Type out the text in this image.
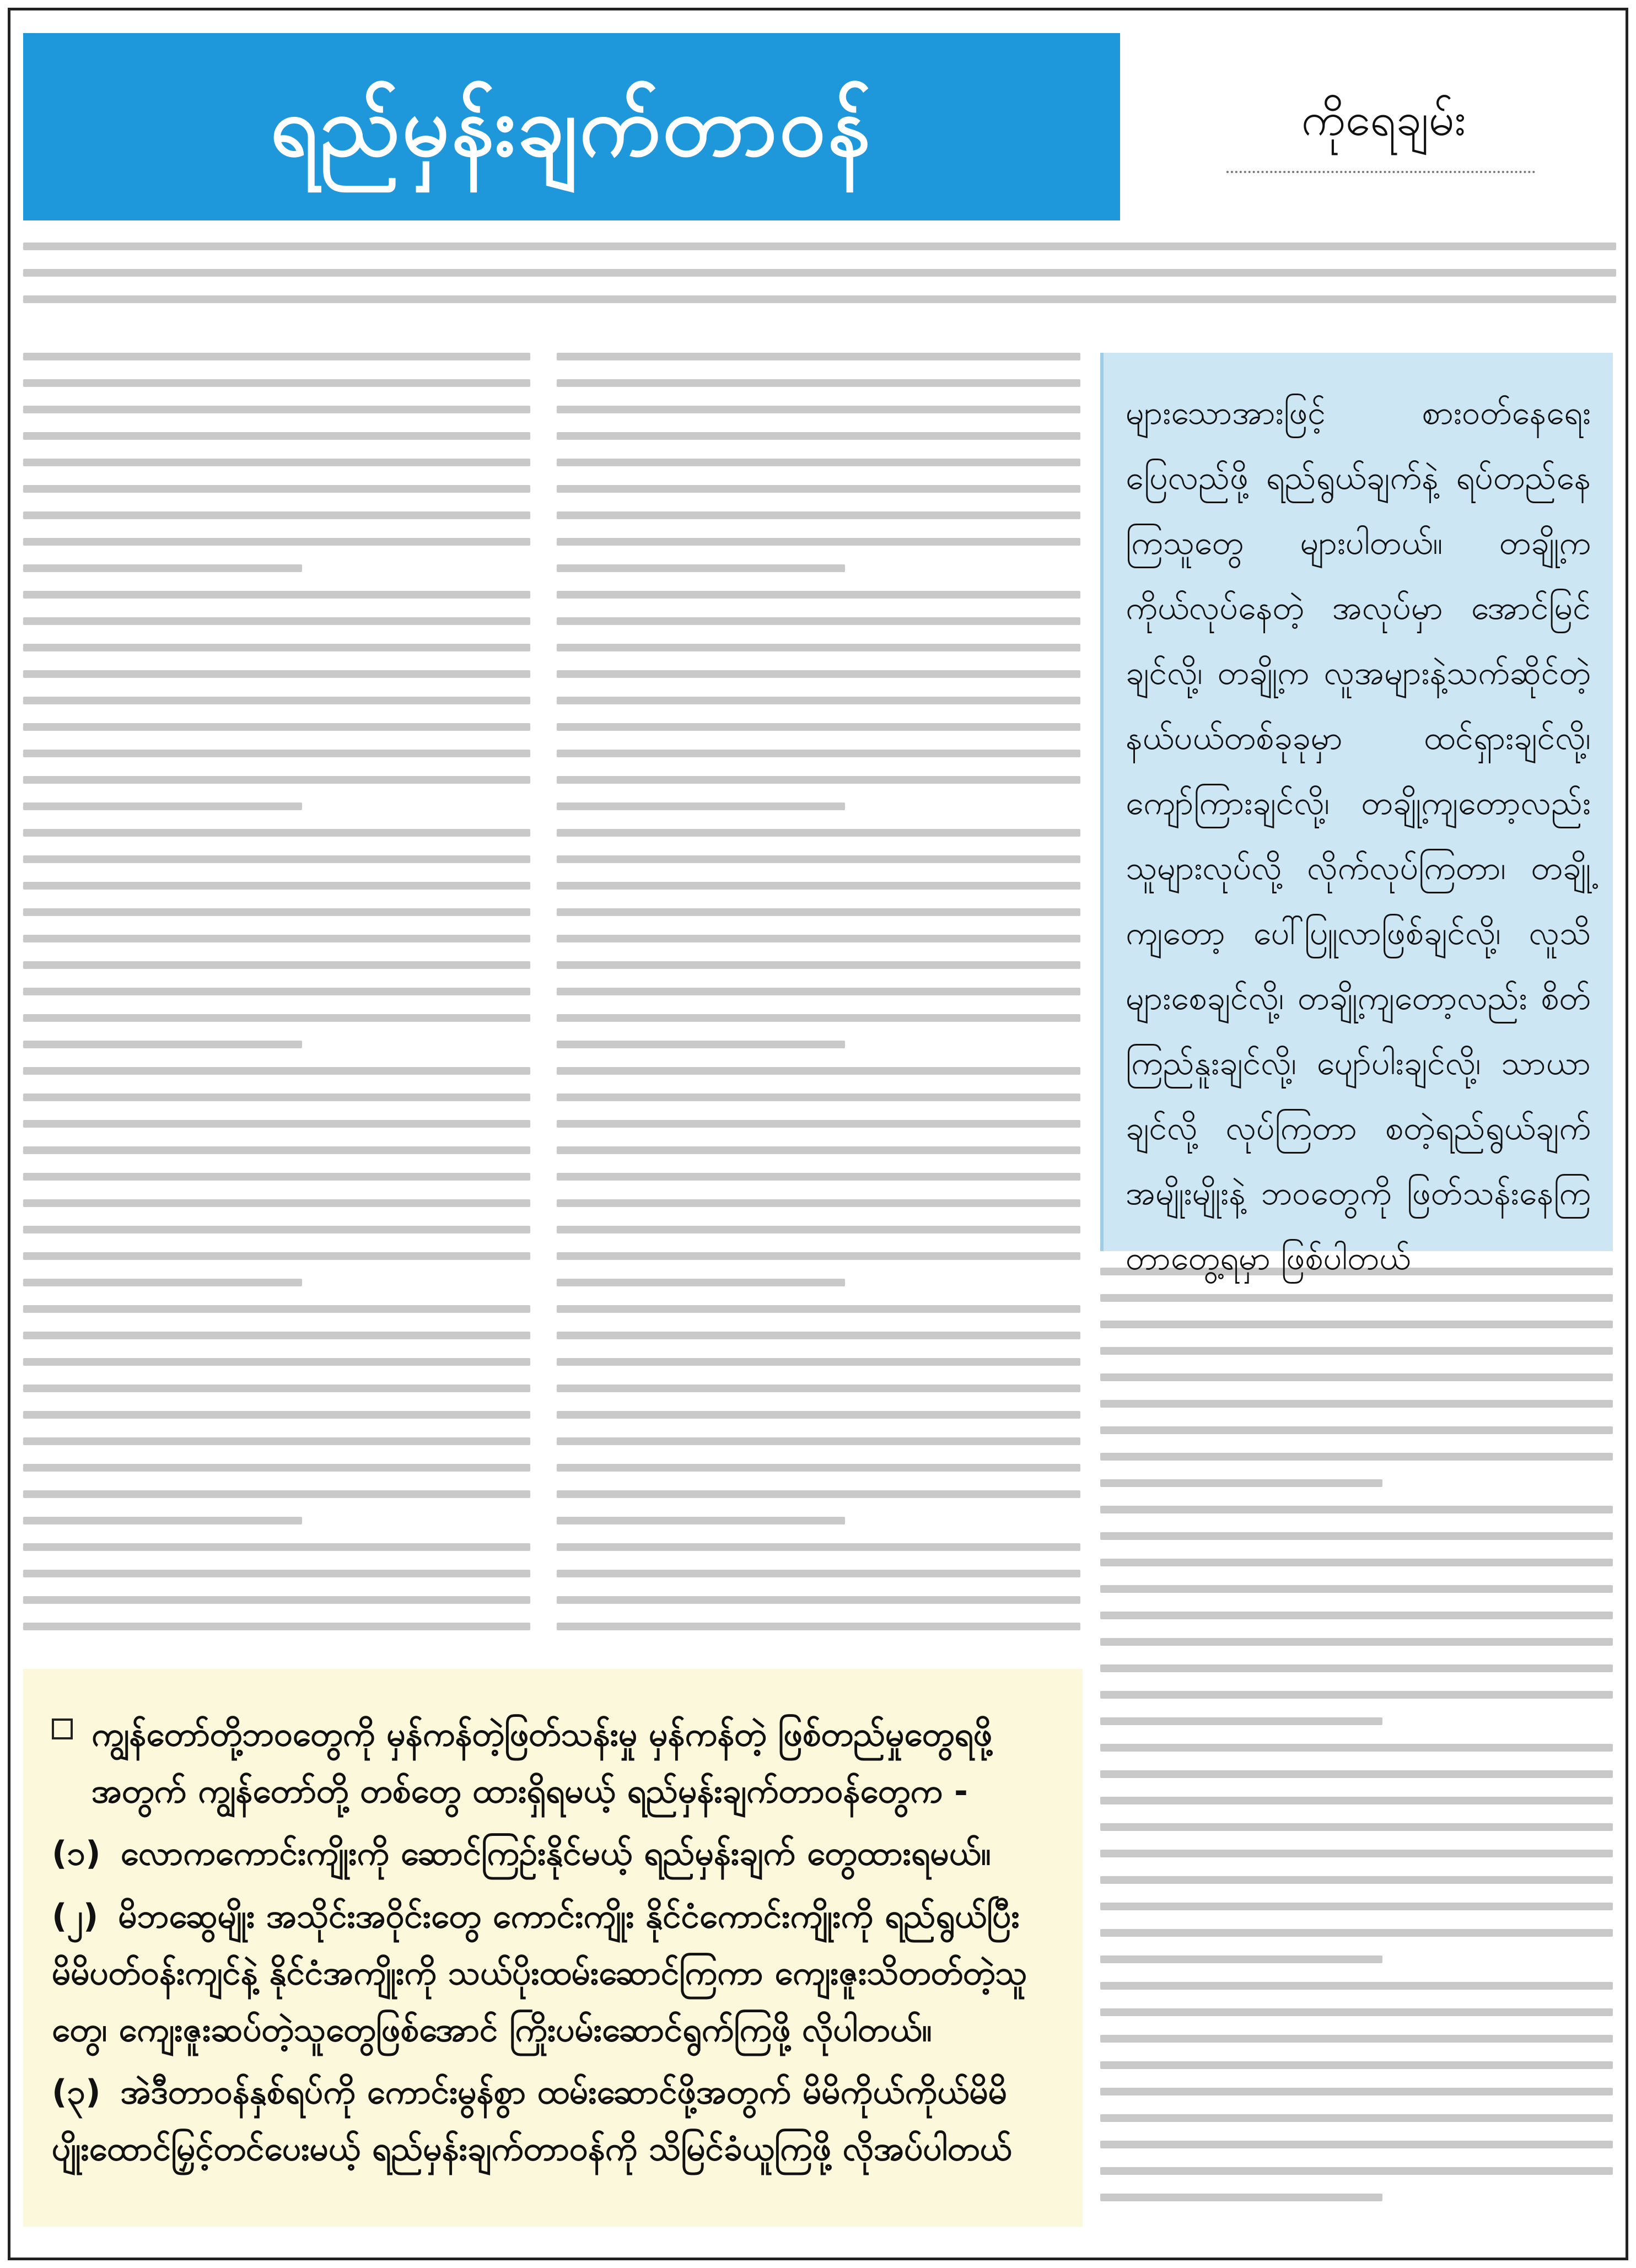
ရည်မှန်းချက်တာဝန်	ကိုရေချမ်း
များသောအားဖြင့် စားဝတ်နေရေးပြေလည်ဖို့ ရည်ရွယ်ချက်နဲ့ ရပ်တည်နေကြသူတွေ များပါတယ်။ တချို့က ကိုယ်လုပ်နေတဲ့ အလုပ်မှာ အောင်မြင်ချင်လို့၊ တချို့က လူအများနဲ့သက်ဆိုင်တဲ့ နယ်ပယ်တစ်ခုခုမှာ ထင်ရှားချင်လို့၊ ကျော်ကြားချင်လို့၊ တချို့ကျတော့လည်း သူများလုပ်လို့ လိုက်လုပ်ကြတာ၊ တချို့ကျတော့ ပေါ်ပြူလာဖြစ်ချင်လို့၊ လူသိများစေချင်လို့၊ တချို့ကျတော့လည်း စိတ်ကြည်နူးချင်လို့၊ ပျော်ပါးချင်လို့၊ သာယာချင်လို့ လုပ်ကြတာ စတဲ့ရည်ရွယ်ချက်အမျိုးမျိုးနဲ့ ဘဝတွေကို ဖြတ်သန်းနေကြတာတွေ့ရမှာ ဖြစ်ပါတယ်
ကျွန်တော်တို့ဘဝတွေကို မှန်ကန်တဲ့ဖြတ်သန်းမှု မှန်ကန်တဲ့ ဖြစ်တည်မှုတွေရဖို့အတွက် ကျွန်တော်တို့ တစ်တွေ ထားရှိရမယ့် ရည်မှန်းချက်တာဝန်တွေက -
(၁) လောကကောင်းကျိုးကို ဆောင်ကြဉ်းနိုင်မယ့် ရည်မှန်းချက် တွေထားရမယ်။
(၂) မိဘဆွေမျိုး အသိုင်းအဝိုင်းတွေ ကောင်းကျိုး နိုင်ငံကောင်းကျိုးကို ရည်ရွယ်ပြီး မိမိပတ်ဝန်းကျင်နဲ့ နိုင်ငံအကျိုးကို သယ်ပိုးထမ်းဆောင်ကြကာ ကျေးဇူးသိတတ်တဲ့သူတွေ၊ ကျေးဇူးဆပ်တဲ့သူတွေဖြစ်အောင် ကြိုးပမ်းဆောင်ရွက်ကြဖို့ လိုပါတယ်။
(၃) အဲဒီတာဝန်နှစ်ရပ်ကို ကောင်းမွန်စွာ ထမ်းဆောင်ဖို့အတွက် မိမိကိုယ်ကိုယ်မိမိ ပျိုးထောင်မြှင့်တင်ပေးမယ့် ရည်မှန်းချက်တာဝန်ကို သိမြင်ခံယူကြဖို့ လိုအပ်ပါတယ်
